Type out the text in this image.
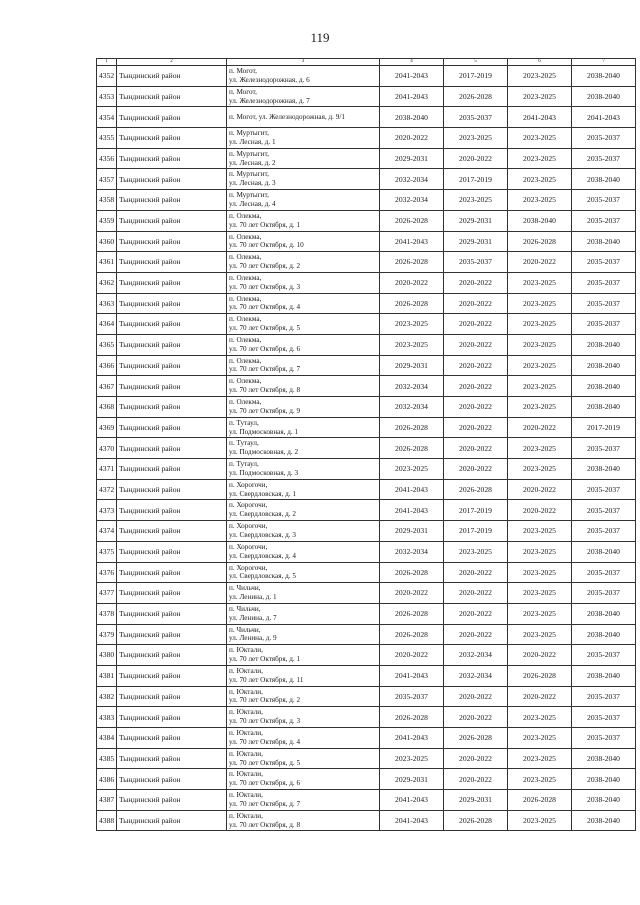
119
1	2	3	4	5	6	7
4352	Тындинский район	п. Могот,
ул. Железнодорожная, д. 6	2041-2043	2017-2019	2023-2025	2038-2040
4353	Тындинский район	п. Могот,
ул. Железнодорожная, д. 7	2041-2043	2026-2028	2023-2025	2038-2040
4354	Тындинский район	п. Могот, ул. Железнодорожная, д. 9/1	2038-2040	2035-2037	2041-2043	2041-2043
4355	Тындинский район	п. Муртыгит,
ул. Лесная, д. 1	2020-2022	2023-2025	2023-2025	2035-2037
4356	Тындинский район	п. Муртыгит,
ул. Лесная, д. 2	2029-2031	2020-2022	2023-2025	2035-2037
4357	Тындинский район	п. Муртыгит,
ул. Лесная, д. 3	2032-2034	2017-2019	2023-2025	2038-2040
4358	Тындинский район	п. Муртыгит,
ул. Лесная, д. 4	2032-2034	2023-2025	2023-2025	2035-2037
4359	Тындинский район	п. Олекма,
ул. 70 лет Октября, д. 1	2026-2028	2029-2031	2038-2040	2035-2037
4360	Тындинский район	п. Олекма,
ул. 70 лет Октября, д. 10	2041-2043	2029-2031	2026-2028	2038-2040
4361	Тындинский район	п. Олекма,
ул. 70 лет Октября, д. 2	2026-2028	2035-2037	2020-2022	2035-2037
4362	Тындинский район	п. Олекма,
ул. 70 лет Октября, д. 3	2020-2022	2020-2022	2023-2025	2035-2037
4363	Тындинский район	п. Олекма,
ул. 70 лет Октября, д. 4	2026-2028	2020-2022	2023-2025	2035-2037
4364	Тындинский район	п. Олекма,
ул. 70 лет Октября, д. 5	2023-2025	2020-2022	2023-2025	2035-2037
4365	Тындинский район	п. Олекма,
ул. 70 лет Октября, д. 6	2023-2025	2020-2022	2023-2025	2038-2040
4366	Тындинский район	п. Олекма,
ул. 70 лет Октября, д. 7	2029-2031	2020-2022	2023-2025	2038-2040
4367	Тындинский район	п. Олекма,
ул. 70 лет Октября, д. 8	2032-2034	2020-2022	2023-2025	2038-2040
4368	Тындинский район	п. Олекма,
ул. 70 лет Октября, д. 9	2032-2034	2020-2022	2023-2025	2038-2040
4369	Тындинский район	п. Тутаул,
ул. Подмосковная, д. 1	2026-2028	2020-2022	2020-2022	2017-2019
4370	Тындинский район	п. Тутаул,
ул. Подмосковная, д. 2	2026-2028	2020-2022	2023-2025	2035-2037
4371	Тындинский район	п. Тутаул,
ул. Подмосковная, д. 3	2023-2025	2020-2022	2023-2025	2038-2040
4372	Тындинский район	п. Хорогочи,
ул. Свердловская, д. 1	2041-2043	2026-2028	2020-2022	2035-2037
4373	Тындинский район	п. Хорогочи,
ул. Свердловская, д. 2	2041-2043	2017-2019	2020-2022	2035-2037
4374	Тындинский район	п. Хорогочи,
ул. Свердловская, д. 3	2029-2031	2017-2019	2023-2025	2035-2037
4375	Тындинский район	п. Хорогочи,
ул. Свердловская, д. 4	2032-2034	2023-2025	2023-2025	2038-2040
4376	Тындинский район	п. Хорогочи,
ул. Свердловская, д. 5	2026-2028	2020-2022	2023-2025	2035-2037
4377	Тындинский район	п. Чильчи,
ул. Ленина, д. 1	2020-2022	2020-2022	2023-2025	2035-2037
4378	Тындинский район	п. Чильчи,
ул. Ленина, д. 7	2026-2028	2020-2022	2023-2025	2038-2040
4379	Тындинский район	п. Чильчи,
ул. Ленина, д. 9	2026-2028	2020-2022	2023-2025	2038-2040
4380	Тындинский район	п. Юктали,
ул. 70 лет Октября, д. 1	2020-2022	2032-2034	2020-2022	2035-2037
4381	Тындинский район	п. Юктали,
ул. 70 лет Октября, д. 11	2041-2043	2032-2034	2026-2028	2038-2040
4382	Тындинский район	п. Юктали,
ул. 70 лет Октября, д. 2	2035-2037	2020-2022	2020-2022	2035-2037
4383	Тындинский район	п. Юктали,
ул. 70 лет Октября, д. 3	2026-2028	2020-2022	2023-2025	2035-2037
4384	Тындинский район	п. Юктали,
ул. 70 лет Октября, д. 4	2041-2043	2026-2028	2023-2025	2035-2037
4385	Тындинский район	п. Юктали,
ул. 70 лет Октября, д. 5	2023-2025	2020-2022	2023-2025	2038-2040
4386	Тындинский район	п. Юктали,
ул. 70 лет Октября, д. 6	2029-2031	2020-2022	2023-2025	2038-2040
4387	Тындинский район	п. Юктали,
ул. 70 лет Октября, д. 7	2041-2043	2029-2031	2026-2028	2038-2040
4388	Тындинский район	п. Юктали,
ул. 70 лет Октября, д. 8	2041-2043	2026-2028	2023-2025	2038-2040
